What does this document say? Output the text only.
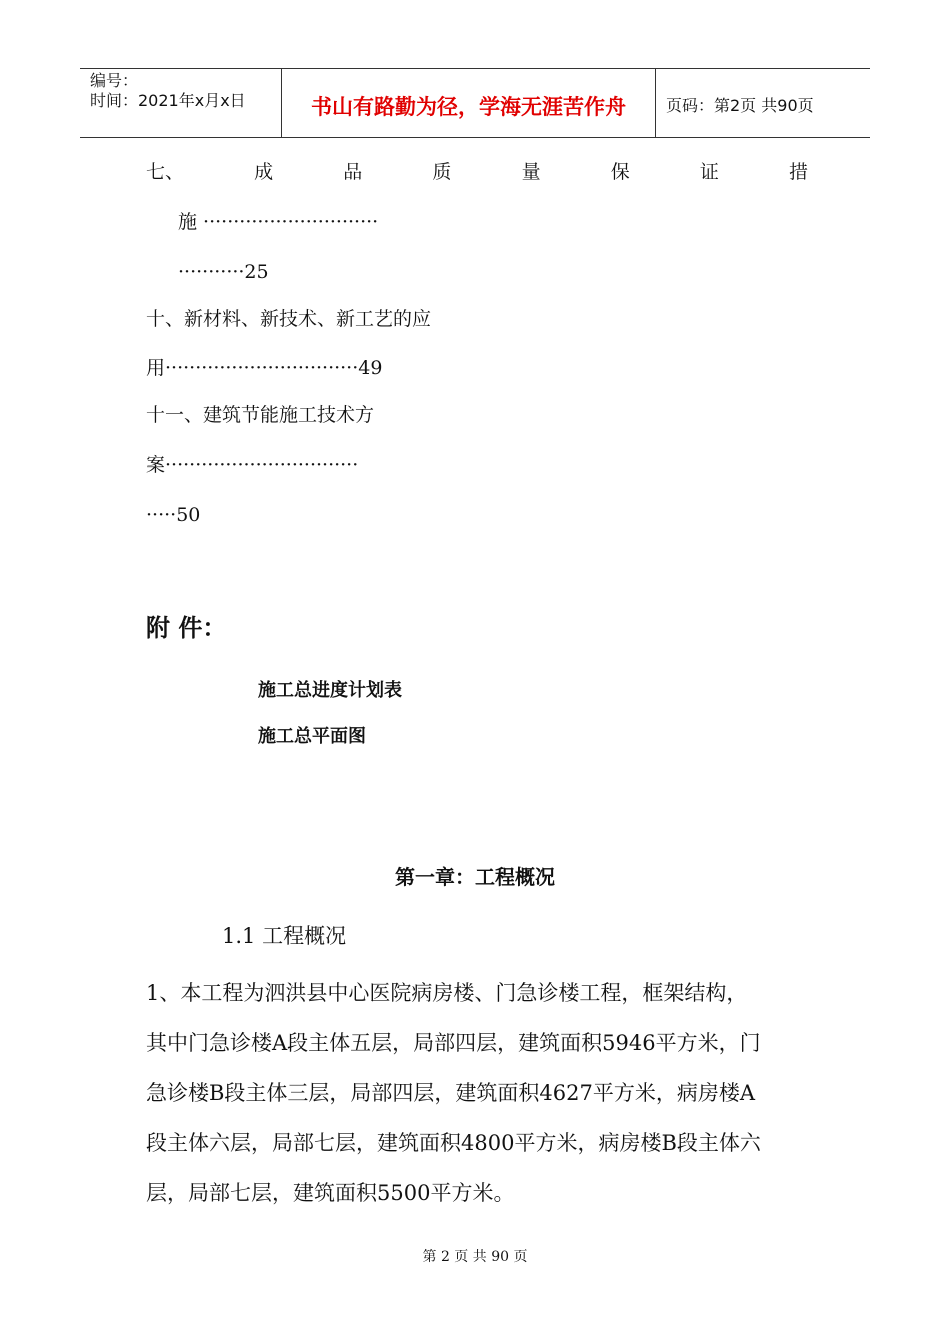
编号：
时间：2021年x月x日	书山有路勤为径，学海无涯苦作舟	页码：第2页 共90页
七、	成	品	质	量	保	证	措
施 ·····························
···········25
十、新材料、新技术、新工艺的应
用································49
十一、建筑节能施工技术方
案································
·····50
附 件：
施工总进度计划表
施工总平面图
第一章：工程概况
1.1 工程概况
1、本工程为泗洪县中心医院病房楼、门急诊楼工程，框架结构，
其中门急诊楼A段主体五层，局部四层，建筑面积5946平方米，门
急诊楼B段主体三层，局部四层，建筑面积4627平方米，病房楼A
段主体六层，局部七层，建筑面积4800平方米，病房楼B段主体六
层，局部七层，建筑面积5500平方米。
第 2 页 共 90 页
